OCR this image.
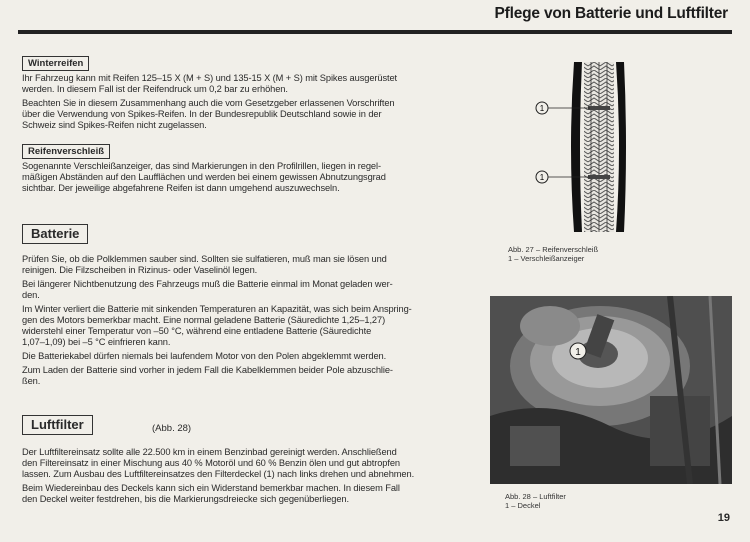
Pflege von Batterie und Luftfilter
Winterreifen

Ihr Fahrzeug kann mit Reifen 125–15 X (M + S) und 135-15 X (M + S) mit Spikes ausgerüstet
werden. In diesem Fall ist der Reifendruck um 0,2 bar zu erhöhen.

Beachten Sie in diesem Zusammenhang auch die vom Gesetzgeber erlassenen Vorschriften
über die Verwendung von Spikes-Reifen. In der Bundesrepublik Deutschland sowie in der
Schweiz sind Spikes-Reifen nicht zugelassen.

Reifenverschleiß

Sogenannte Verschleißanzeiger, das sind Markierungen in den Profilrillen, liegen in regel-
mäßigen Abständen auf den Laufflächen und werden bei einem gewissen Abnutzungsgrad
sichtbar. Der jeweilige abgefahrene Reifen ist dann umgehend auszuwechseln.

Batterie

Prüfen Sie, ob die Polklemmen sauber sind. Sollten sie sulfatieren, muß man sie lösen und
reinigen. Die Filzscheiben in Rizinus- oder Vaselinöl legen.

Bei längerer Nichtbenutzung des Fahrzeugs muß die Batterie einmal im Monat geladen wer-
den.

Im Winter verliert die Batterie mit sinkenden Temperaturen an Kapazität, was sich beim Anspring-
gen des Motors bemerkbar macht. Eine normal geladene Batterie (Säuredichte 1,25–1,27)
widerstehl einer Temperatur von –50 °C, während eine entladene Batterie (Säuredichte
1,07–1,09) bei –5 °C einfrieren kann.

Die Batteriekabel dürfen niemals bei laufendem Motor von den Polen abgeklemmt werden.

Zum Laden der Batterie sind vorher in jedem Fall die Kabelklemmen beider Pole abzuschlie-
ßen.

Luftfilter

Der Luftfiltereinsatz sollte alle 22.500 km in einem Benzinbad gereinigt werden. Anschließend
den Filtereinsatz in einer Mischung aus 40 % Motoröl und 60 % Benzin ölen und gut abtropfen
lassen. Zum Ausbau des Luftfiltereinsatzes den Filterdeckel (1) nach links drehen und abnehmen.

Beim Wiedereinbau des Deckels kann sich ein Widerstand bemerkbar machen. In diesem Fall
den Deckel weiter festdrehen, bis die Markierungsdreiecke sich gegenüberliegen.

(Abb. 28)
1
1
Abb. 27 – Reifenverschleiß
1 – Verschleißanzeiger
1
Abb. 28 – Luftfilter
1 – Deckel
19
